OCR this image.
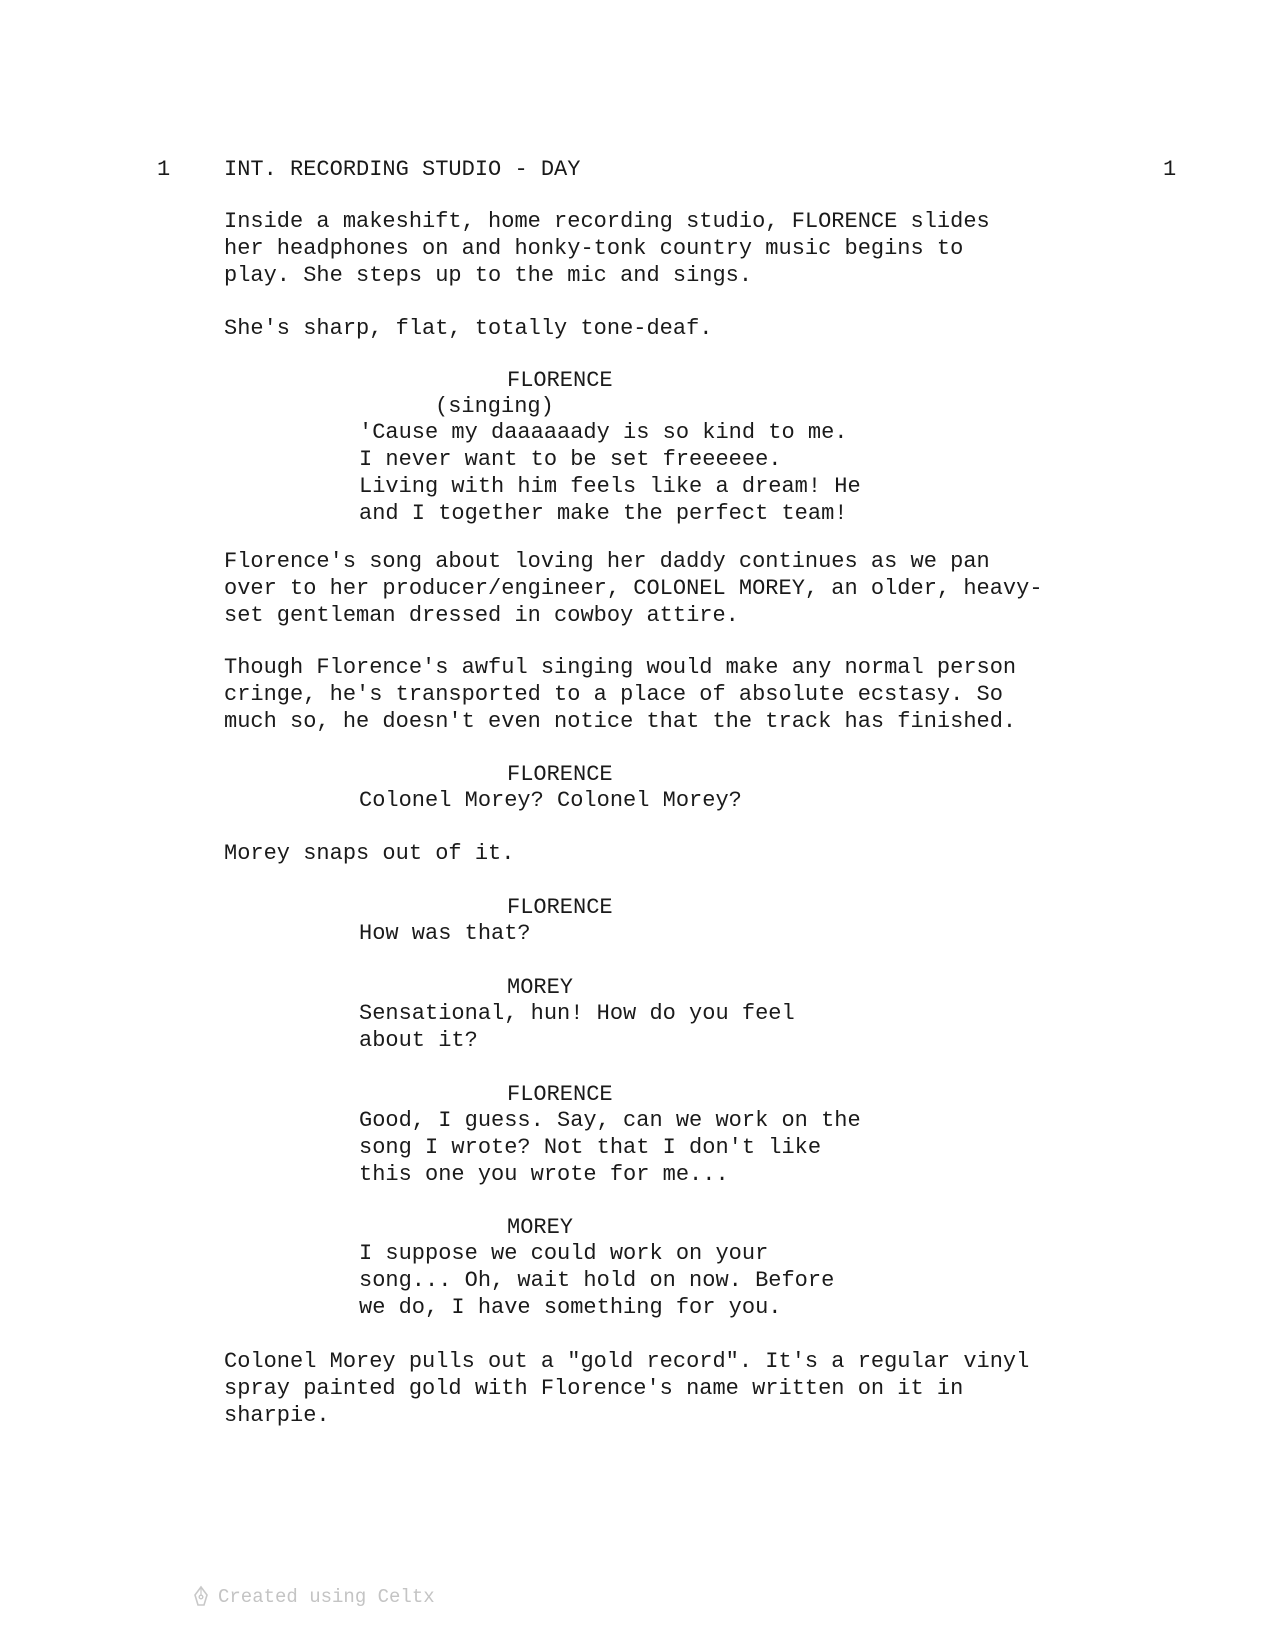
1 INT. RECORDING STUDIO - DAY	1
Inside a makeshift, home recording studio, FLORENCE slides
her headphones on and honky-tonk country music begins to
play. She steps up to the mic and sings.
She's sharp, flat, totally tone-deaf.
FLORENCE
(singing)
'Cause my daaaaaady is so kind to me.
I never want to be set freeeeee.
Living with him feels like a dream! He
and I together make the perfect team!
Florence's song about loving her daddy continues as we pan
over to her producer/engineer, COLONEL MOREY, an older, heavy-
set gentleman dressed in cowboy attire.
Though Florence's awful singing would make any normal person
cringe, he's transported to a place of absolute ecstasy. So
much so, he doesn't even notice that the track has finished.
FLORENCE
Colonel Morey? Colonel Morey?
Morey snaps out of it.
FLORENCE
How was that?
MOREY
Sensational, hun! How do you feel
about it?
FLORENCE
Good, I guess. Say, can we work on the
song I wrote? Not that I don't like
this one you wrote for me...
MOREY
I suppose we could work on your
song... Oh, wait hold on now. Before
we do, I have something for you.
Colonel Morey pulls out a "gold record". It's a regular vinyl
spray painted gold with Florence's name written on it in
sharpie.
Created using Celtx
